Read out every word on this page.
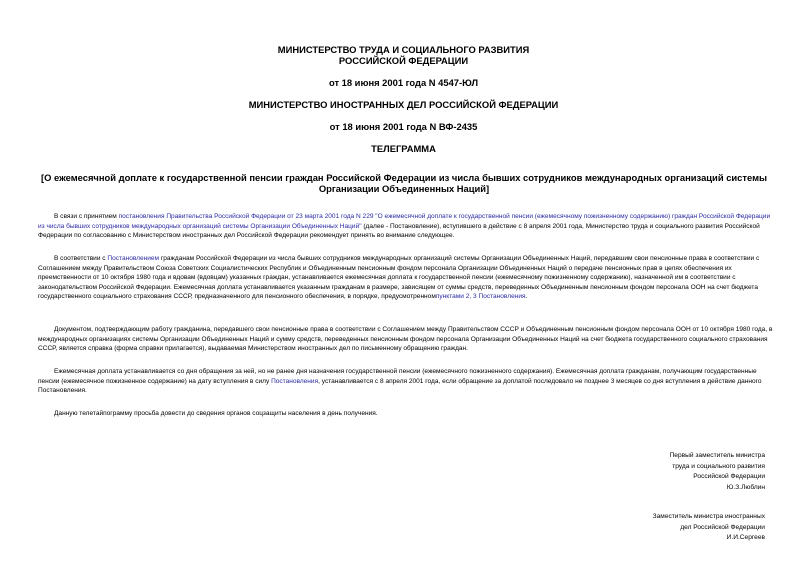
МИНИСТЕРСТВО ТРУДА И СОЦИАЛЬНОГО РАЗВИТИЯ
РОССИЙСКОЙ ФЕДЕРАЦИИ
от 18 июня 2001 года N 4547-ЮЛ
МИНИСТЕРСТВО ИНОСТРАННЫХ ДЕЛ РОССИЙСКОЙ ФЕДЕРАЦИИ
от 18 июня 2001 года N ВФ-2435
ТЕЛЕГРАММА
[О ежемесячной доплате к государственной пенсии граждан Российской Федерации из числа бывших сотрудников международных организаций системы
Организации Объединенных Наций]

В связи с принятием постановления Правительства Российской Федерации от 23 марта 2001 года N 229 "О ежемесячной доплате к государственной пенсии (ежемесячному пожизненному содержанию) граждан Российской Федерации из числа бывших сотрудников международных организаций системы Организации Объединенных Наций" (далее - Постановление), вступившего в действие с 8 апреля 2001 года, Министерство труда и социального развития Российской Федерации по согласованию с Министерством иностранных дел Российской Федерации рекомендует принять во внимание следующее.

В соответствии с Постановлением гражданам Российской Федерации из числа бывших сотрудников международных организаций системы Организации Объединенных Наций, передавшим свои пенсионные права в соответствии с Соглашением между Правительством Союза Советских Социалистических Республик и Объединенным пенсионным фондом персонала Организации Объединенных Наций о передаче пенсионных прав в целях обеспечения их преемственности от 10 октября 1980 года и вдовам (вдовцам) указанных граждан, устанавливается ежемесячная доплата к государственной пенсии (ежемесячному пожизненному содержанию), назначенной им в соответствии с законодательством Российской Федерации. Ежемесячная доплата устанавливается указанным гражданам в размере, зависящем от суммы средств, переведенных Объединенным пенсионным фондом персонала ООН на счет бюджета государственного социального страхования СССР, предназначенного для пенсионного обеспечения, в порядке, предусмотренномпунктами 2, 3 Постановления.

Документом, подтверждающим работу гражданина, передавшего свои пенсионные права в соответствии с Соглашением между Правительством СССР и Объединенным пенсионным фондом персонала ООН от 10 октября 1980 года, в международных организациях системы Организации Объединенных Наций и сумму средств, переведенных пенсионным фондом персонала Организации Объединенных Наций на счет бюджета государственного социального страхования СССР, является справка (форма справки прилагается), выдаваемая Министерством иностранных дел по письменному обращению граждан.

Ежемесячная доплата устанавливается со дня обращения за ней, но не ранее дня назначения государственной пенсии (ежемесячного пожизненного содержания). Ежемесячная доплата гражданам, получающим государственные пенсии (ежемесячное пожизненное содержание) на дату вступления в силу Постановления, устанавливается с 8 апреля 2001 года, если обращение за доплатой последовало не позднее 3 месяцев со дня вступления в действие данного Постановления.

Данную телетайпограмму просьба довести до сведения органов соцзащиты населения в день получения.

Первый заместитель министра
труда и социального развития
Российской Федерации
Ю.З.Люблин
Заместитель министра иностранных
дел Российской Федерации
И.И.Сергеев
